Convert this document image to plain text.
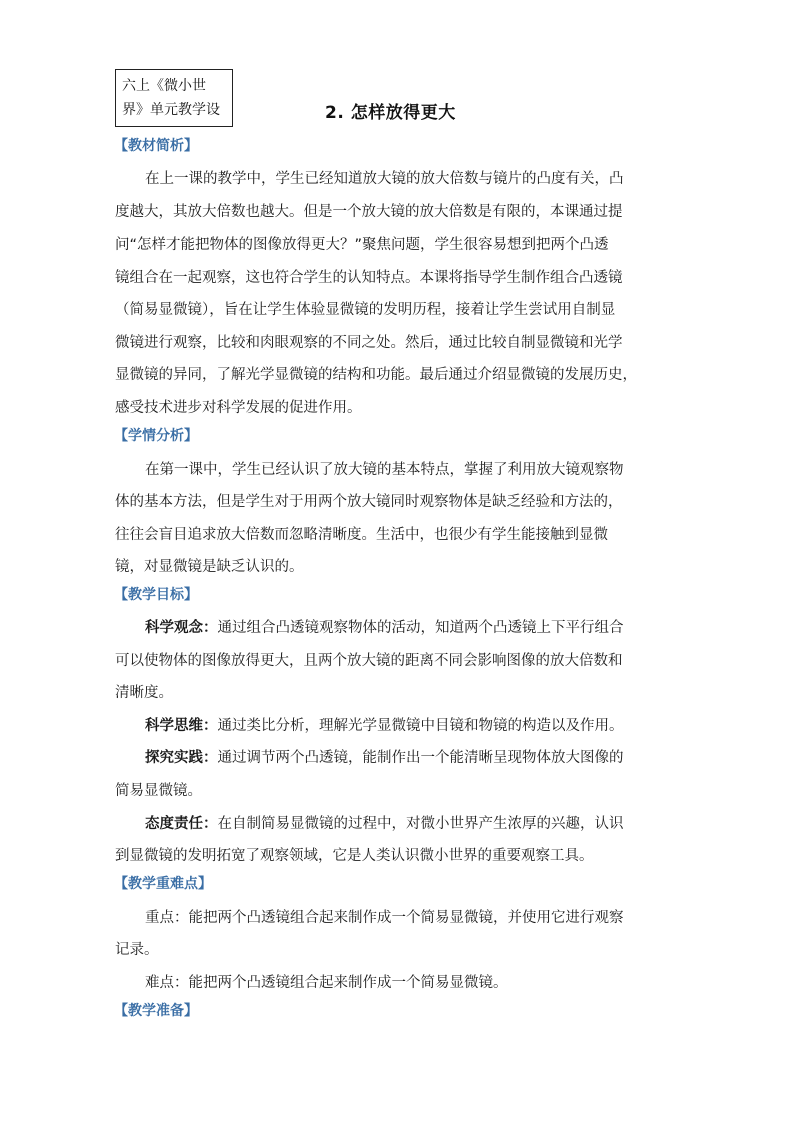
六上《微小世
界》单元教学设	2. 怎样放得更大
【教材简析】
在上一课的教学中，学生已经知道放大镜的放大倍数与镜片的凸度有关，凸
度越大，其放大倍数也越大。但是一个放大镜的放大倍数是有限的，本课通过提
问“怎样才能把物体的图像放得更大？”聚焦问题，学生很容易想到把两个凸透
镜组合在一起观察，这也符合学生的认知特点。本课将指导学生制作组合凸透镜
（简易显微镜），旨在让学生体验显微镜的发明历程，接着让学生尝试用自制显
微镜进行观察，比较和肉眼观察的不同之处。然后，通过比较自制显微镜和光学
显微镜的异同，了解光学显微镜的结构和功能。最后通过介绍显微镜的发展历史，
感受技术进步对科学发展的促进作用。
【学情分析】
在第一课中，学生已经认识了放大镜的基本特点，掌握了利用放大镜观察物
体的基本方法，但是学生对于用两个放大镜同时观察物体是缺乏经验和方法的，
往往会盲目追求放大倍数而忽略清晰度。生活中，也很少有学生能接触到显微
镜，对显微镜是缺乏认识的。
【教学目标】
科学观念：通过组合凸透镜观察物体的活动，知道两个凸透镜上下平行组合
可以使物体的图像放得更大，且两个放大镜的距离不同会影响图像的放大倍数和
清晰度。
科学思维：通过类比分析，理解光学显微镜中目镜和物镜的构造以及作用。
探究实践：通过调节两个凸透镜，能制作出一个能清晰呈现物体放大图像的
简易显微镜。
态度责任：在自制简易显微镜的过程中，对微小世界产生浓厚的兴趣，认识
到显微镜的发明拓宽了观察领域，它是人类认识微小世界的重要观察工具。
【教学重难点】
重点：能把两个凸透镜组合起来制作成一个简易显微镜，并使用它进行观察
记录。
难点：能把两个凸透镜组合起来制作成一个简易显微镜。
【教学准备】
